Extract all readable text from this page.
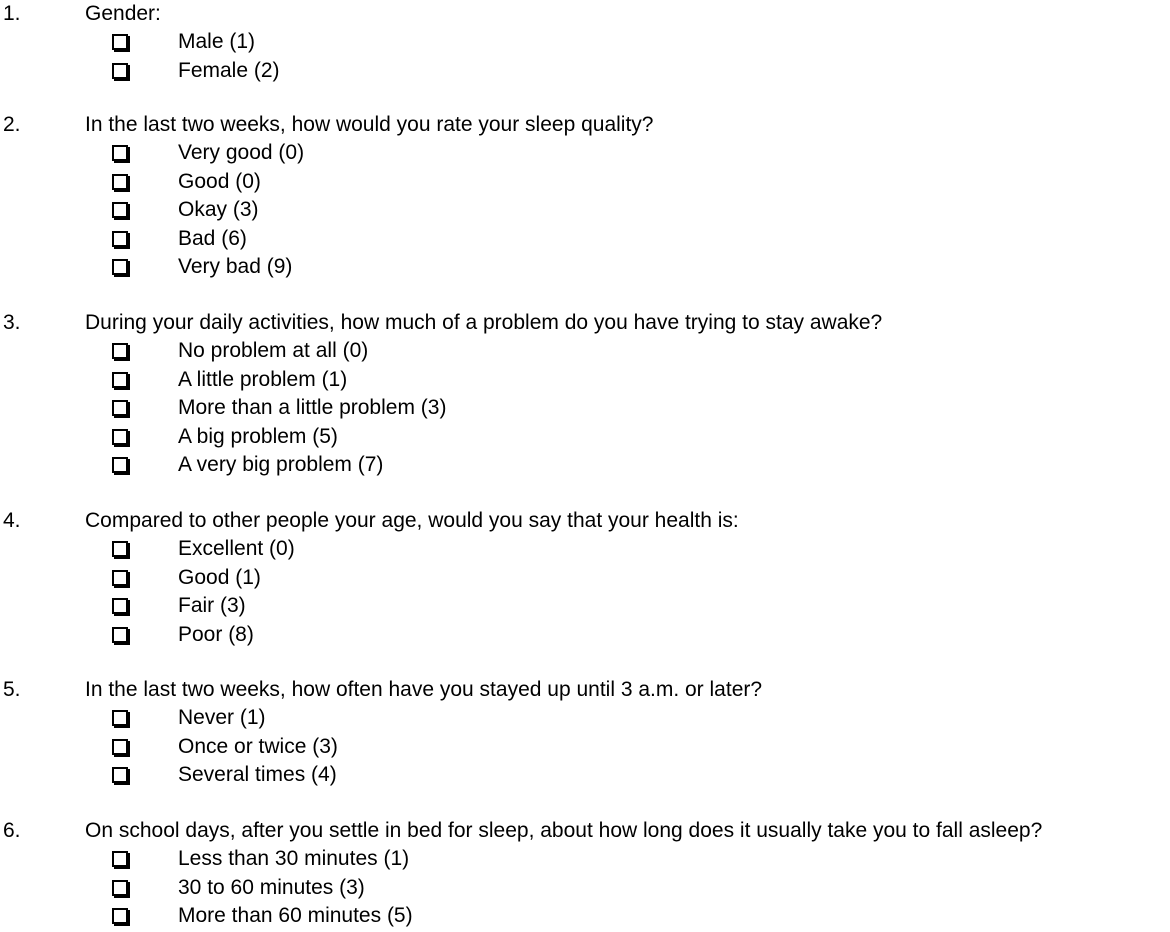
1.	Gender:
Male (1)
Female (2)
2.	In the last two weeks, how would you rate your sleep quality?
Very good (0)
Good (0)
Okay (3)
Bad (6)
Very bad (9)
3.	During your daily activities, how much of a problem do you have trying to stay awake?
No problem at all (0)
A little problem (1)
More than a little problem (3)
A big problem (5)
A very big problem (7)
4.	Compared to other people your age, would you say that your health is:
Excellent (0)
Good (1)
Fair (3)
Poor (8)
5.	In the last two weeks, how often have you stayed up until 3 a.m. or later?
Never (1)
Once or twice (3)
Several times (4)
6.	On school days, after you settle in bed for sleep, about how long does it usually take you to fall asleep?
Less than 30 minutes (1)
30 to 60 minutes (3)
More than 60 minutes (5)
